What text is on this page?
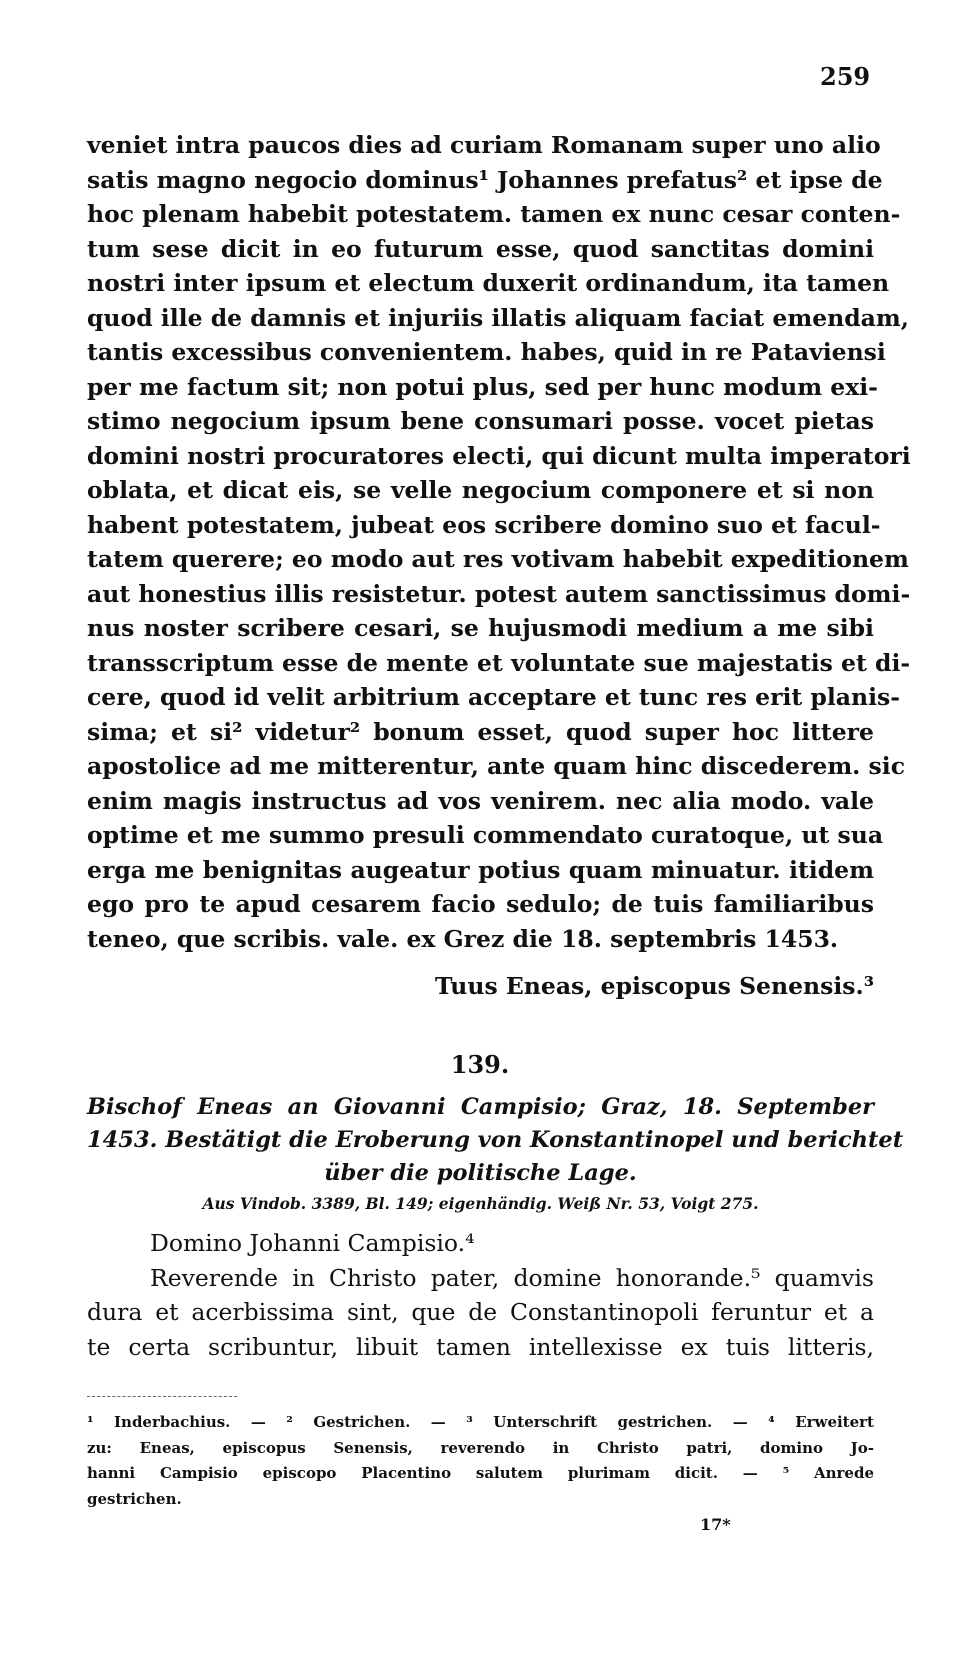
259
veniet intra paucos dies ad curiam Romanam super uno alio
satis magno negocio dominus¹ Johannes prefatus² et ipse de
hoc plenam habebit potestatem. tamen ex nunc cesar conten-
tum sese dicit in eo futurum esse, quod sanctitas domini
nostri inter ipsum et electum duxerit ordinandum, ita tamen
quod ille de damnis et injuriis illatis aliquam faciat emendam,
tantis excessibus convenientem. habes, quid in re Pataviensi
per me factum sit; non potui plus, sed per hunc modum exi-
stimo negocium ipsum bene consumari posse. vocet pietas
domini nostri procuratores electi, qui dicunt multa imperatori
oblata, et dicat eis, se velle negocium componere et si non
habent potestatem, jubeat eos scribere domino suo et facul-
tatem querere; eo modo aut res votivam habebit expeditionem
aut honestius illis resistetur. potest autem sanctissimus domi-
nus noster scribere cesari, se hujusmodi medium a me sibi
transscriptum esse de mente et voluntate sue majestatis et di-
cere, quod id velit arbitrium acceptare et tunc res erit planis-
sima; et si² videtur² bonum esset, quod super hoc littere
apostolice ad me mitterentur, ante quam hinc discederem. sic
enim magis instructus ad vos venirem. nec alia modo. vale
optime et me summo presuli commendato curatoque, ut sua
erga me benignitas augeatur potius quam minuatur. itidem
ego pro te apud cesarem facio sedulo; de tuis familiaribus
teneo, que scribis. vale. ex Grez die 18. septembris 1453.
Tuus Eneas, episcopus Senensis.³
139.
Bischof Eneas an Giovanni Campisio; Graz, 18. September
1453. Bestätigt die Eroberung von Konstantinopel und berichtet
über die politische Lage.
Aus Vindob. 3389, Bl. 149; eigenhändig. Weiß Nr. 53, Voigt 275.
Domino Johanni Campisio.⁴
Reverende in Christo pater, domine honorande.⁵ quamvis
dura et acerbissima sint, que de Constantinopoli feruntur et a
te certa scribuntur, libuit tamen intellexisse ex tuis litteris,
¹ Inderbachius. — ² Gestrichen. — ³ Unterschrift gestrichen. — ⁴ Erweitert
zu: Eneas, episcopus Senensis, reverendo in Christo patri, domino Jo-
hanni Campisio episcopo Placentino salutem plurimam dicit. — ⁵ Anrede
gestrichen.
17*
